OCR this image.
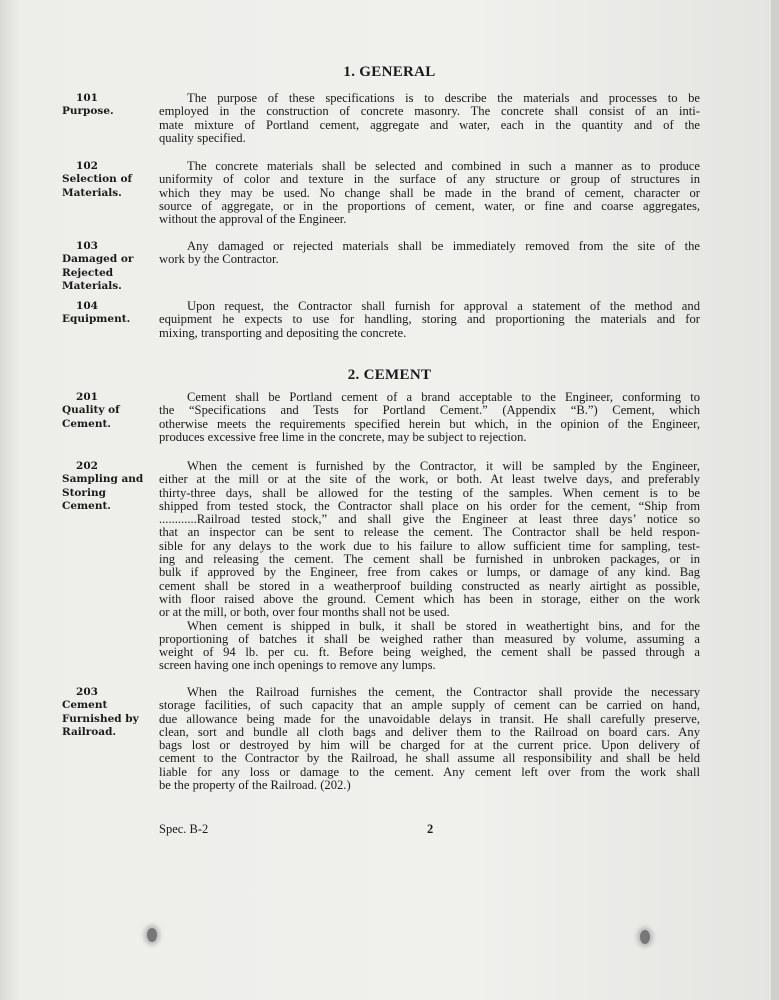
1. GENERAL
2. CEMENT
101
Purpose.
The purpose of these specifications is to describe the materials and processes to be
employed in the construction of concrete masonry. The concrete shall consist of an inti-
mate mixture of Portland cement, aggregate and water, each in the quantity and of the
quality specified.
102
Selection of
Materials.
The concrete materials shall be selected and combined in such a manner as to produce
uniformity of color and texture in the surface of any structure or group of structures in
which they may be used. No change shall be made in the brand of cement, character or
source of aggregate, or in the proportions of cement, water, or fine and coarse aggregates,
without the approval of the Engineer.
103
Damaged or
Rejected
Materials.
Any damaged or rejected materials shall be immediately removed from the site of the
work by the Contractor.
104
Equipment.
Upon request, the Contractor shall furnish for approval a statement of the method and
equipment he expects to use for handling, storing and proportioning the materials and for
mixing, transporting and depositing the concrete.
201
Quality of
Cement.
Cement shall be Portland cement of a brand acceptable to the Engineer, conforming to
the “Specifications and Tests for Portland Cement.” (Appendix “B.”) Cement, which
otherwise meets the requirements specified herein but which, in the opinion of the Engineer,
produces excessive free lime in the concrete, may be subject to rejection.
202
Sampling and
Storing
Cement.
When the cement is furnished by the Contractor, it will be sampled by the Engineer,
either at the mill or at the site of the work, or both. At least twelve days, and preferably
thirty-three days, shall be allowed for the testing of the samples. When cement is to be
shipped from tested stock, the Contractor shall place on his order for the cement, “Ship from
............Railroad tested stock,” and shall give the Engineer at least three days’ notice so
that an inspector can be sent to release the cement. The Contractor shall be held respon-
sible for any delays to the work due to his failure to allow sufficient time for sampling, test-
ing and releasing the cement. The cement shall be furnished in unbroken packages, or in
bulk if approved by the Engineer, free from cakes or lumps, or damage of any kind. Bag
cement shall be stored in a weatherproof building constructed as nearly airtight as possible,
with floor raised above the ground. Cement which has been in storage, either on the work
or at the mill, or both, over four months shall not be used.
When cement is shipped in bulk, it shall be stored in weathertight bins, and for the
proportioning of batches it shall be weighed rather than measured by volume, assuming a
weight of 94 lb. per cu. ft. Before being weighed, the cement shall be passed through a
screen having one inch openings to remove any lumps.
203
Cement
Furnished by
Railroad.
When the Railroad furnishes the cement, the Contractor shall provide the necessary
storage facilities, of such capacity that an ample supply of cement can be carried on hand,
due allowance being made for the unavoidable delays in transit. He shall carefully preserve,
clean, sort and bundle all cloth bags and deliver them to the Railroad on board cars. Any
bags lost or destroyed by him will be charged for at the current price. Upon delivery of
cement to the Contractor by the Railroad, he shall assume all responsibility and shall be held
liable for any loss or damage to the cement. Any cement left over from the work shall
be the property of the Railroad. (202.)
Spec. B-2	2
